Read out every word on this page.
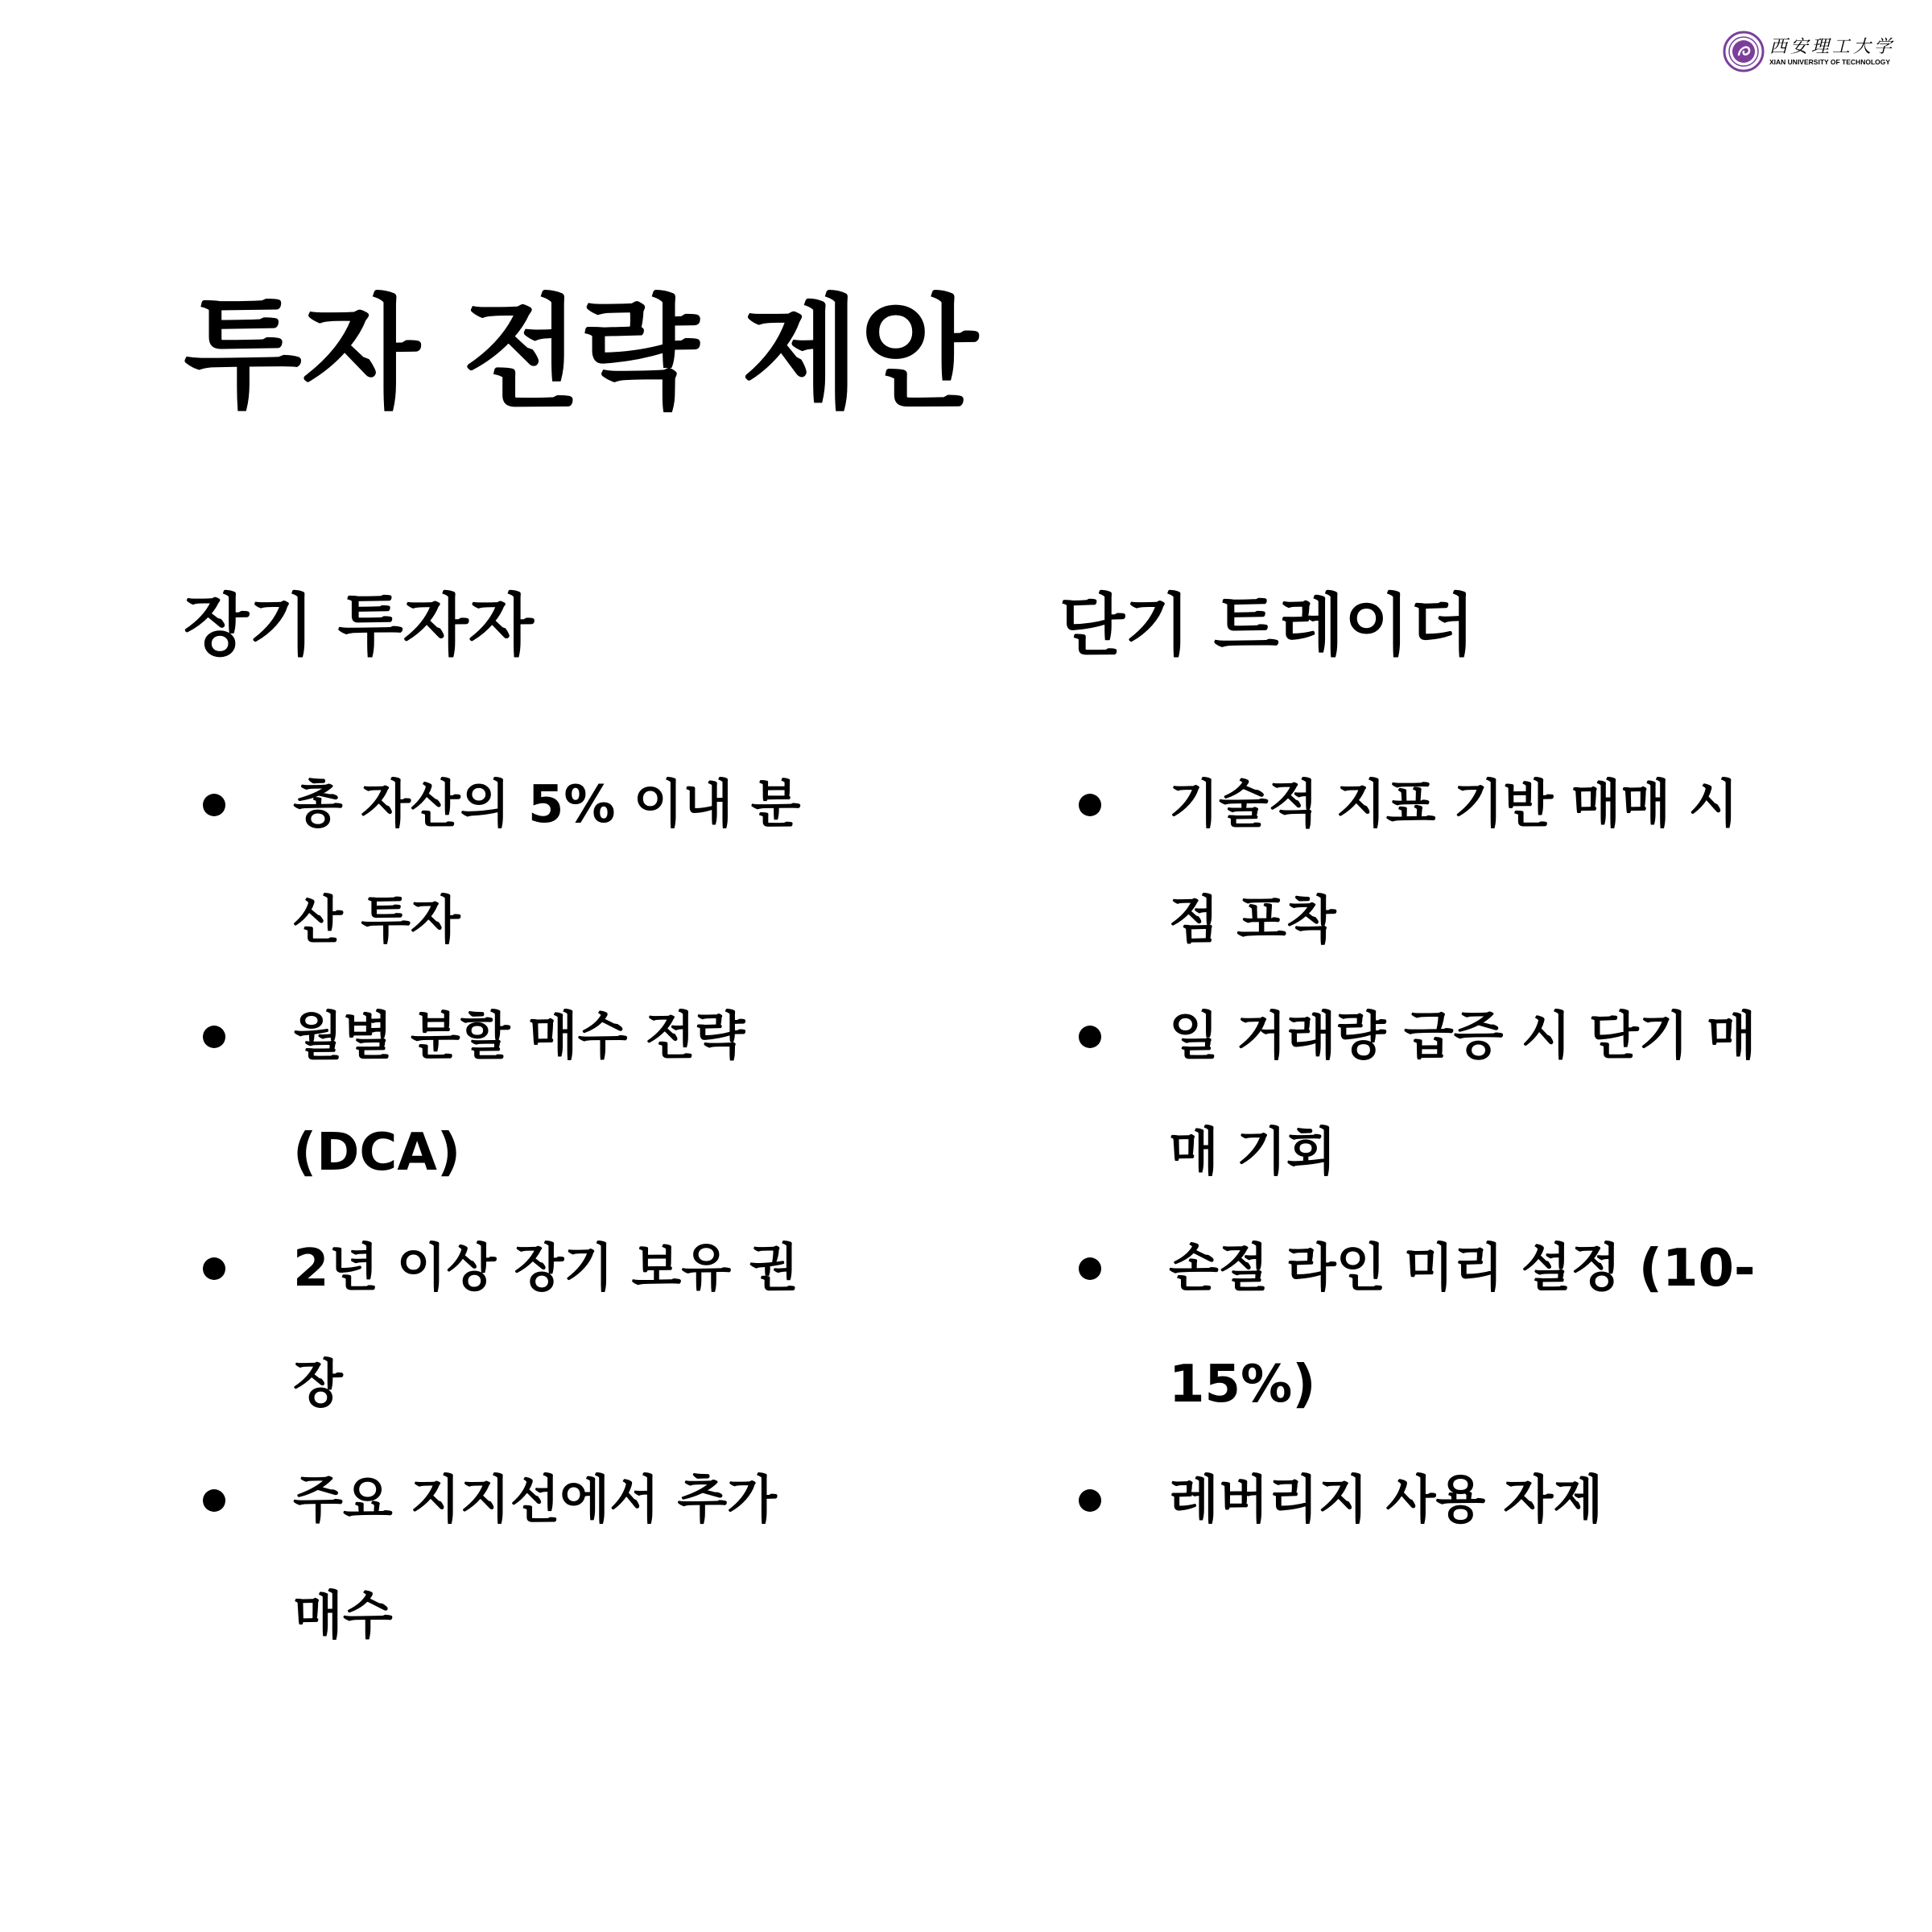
西安理工大学
XIAN UNIVERSITY OF TECHNOLOGY
투자 전략 제안
장기 투자자
총 자산의 5% 이내 분산 투자
월별 분할 매수 전략 (DCA)
2년 이상 장기 보유 권장
주요 지지선에서 추가 매수
단기 트레이더
기술적 지표 기반 매매 시점 포착
일 거래량 급증 시 단기 매매 기회
손절 라인 미리 설정 (10-15%)
레버리지 사용 자제
